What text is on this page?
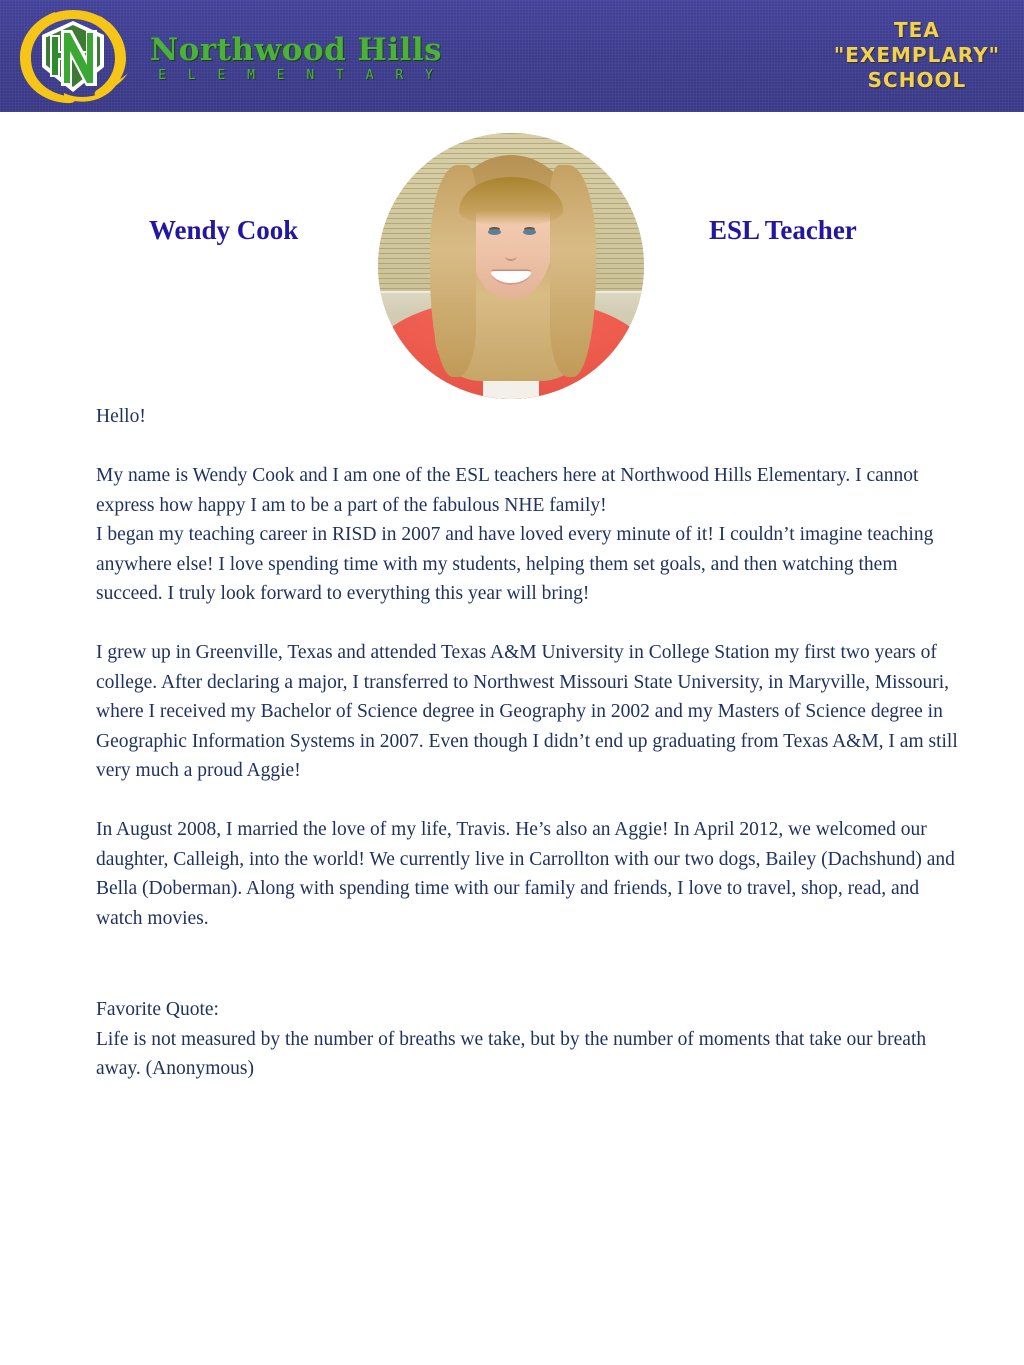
Northwood Hills
E L E M E N T A R Y
TEA
"EXEMPLARY"
SCHOOL
Wendy Cook	ESL Teacher

Hello!

My name is Wendy Cook and I am one of the ESL teachers here at Northwood Hills Elementary. I cannot express how happy I am to be a part of the fabulous NHE family!

I began my teaching career in RISD in 2007 and have loved every minute of it! I couldn’t imagine teaching anywhere else! I love spending time with my students, helping them set goals, and then watching them succeed. I truly look forward to everything this year will bring!

I grew up in Greenville, Texas and attended Texas A&M University in College Station my first two years of college. After declaring a major, I transferred to Northwest Missouri State University, in Maryville, Missouri, where I received my Bachelor of Science degree in Geography in 2002 and my Masters of Science degree in Geographic Information Systems in 2007. Even though I didn’t end up graduating from Texas A&M, I am still very much a proud Aggie!

In August 2008, I married the love of my life, Travis. He’s also an Aggie! In April 2012, we welcomed our daughter, Calleigh, into the world! We currently live in Carrollton with our two dogs, Bailey (Dachshund) and Bella (Doberman). Along with spending time with our family and friends, I love to travel, shop, read, and watch movies.

Favorite Quote:

Life is not measured by the number of breaths we take, but by the number of moments that take our breath away. (Anonymous)
